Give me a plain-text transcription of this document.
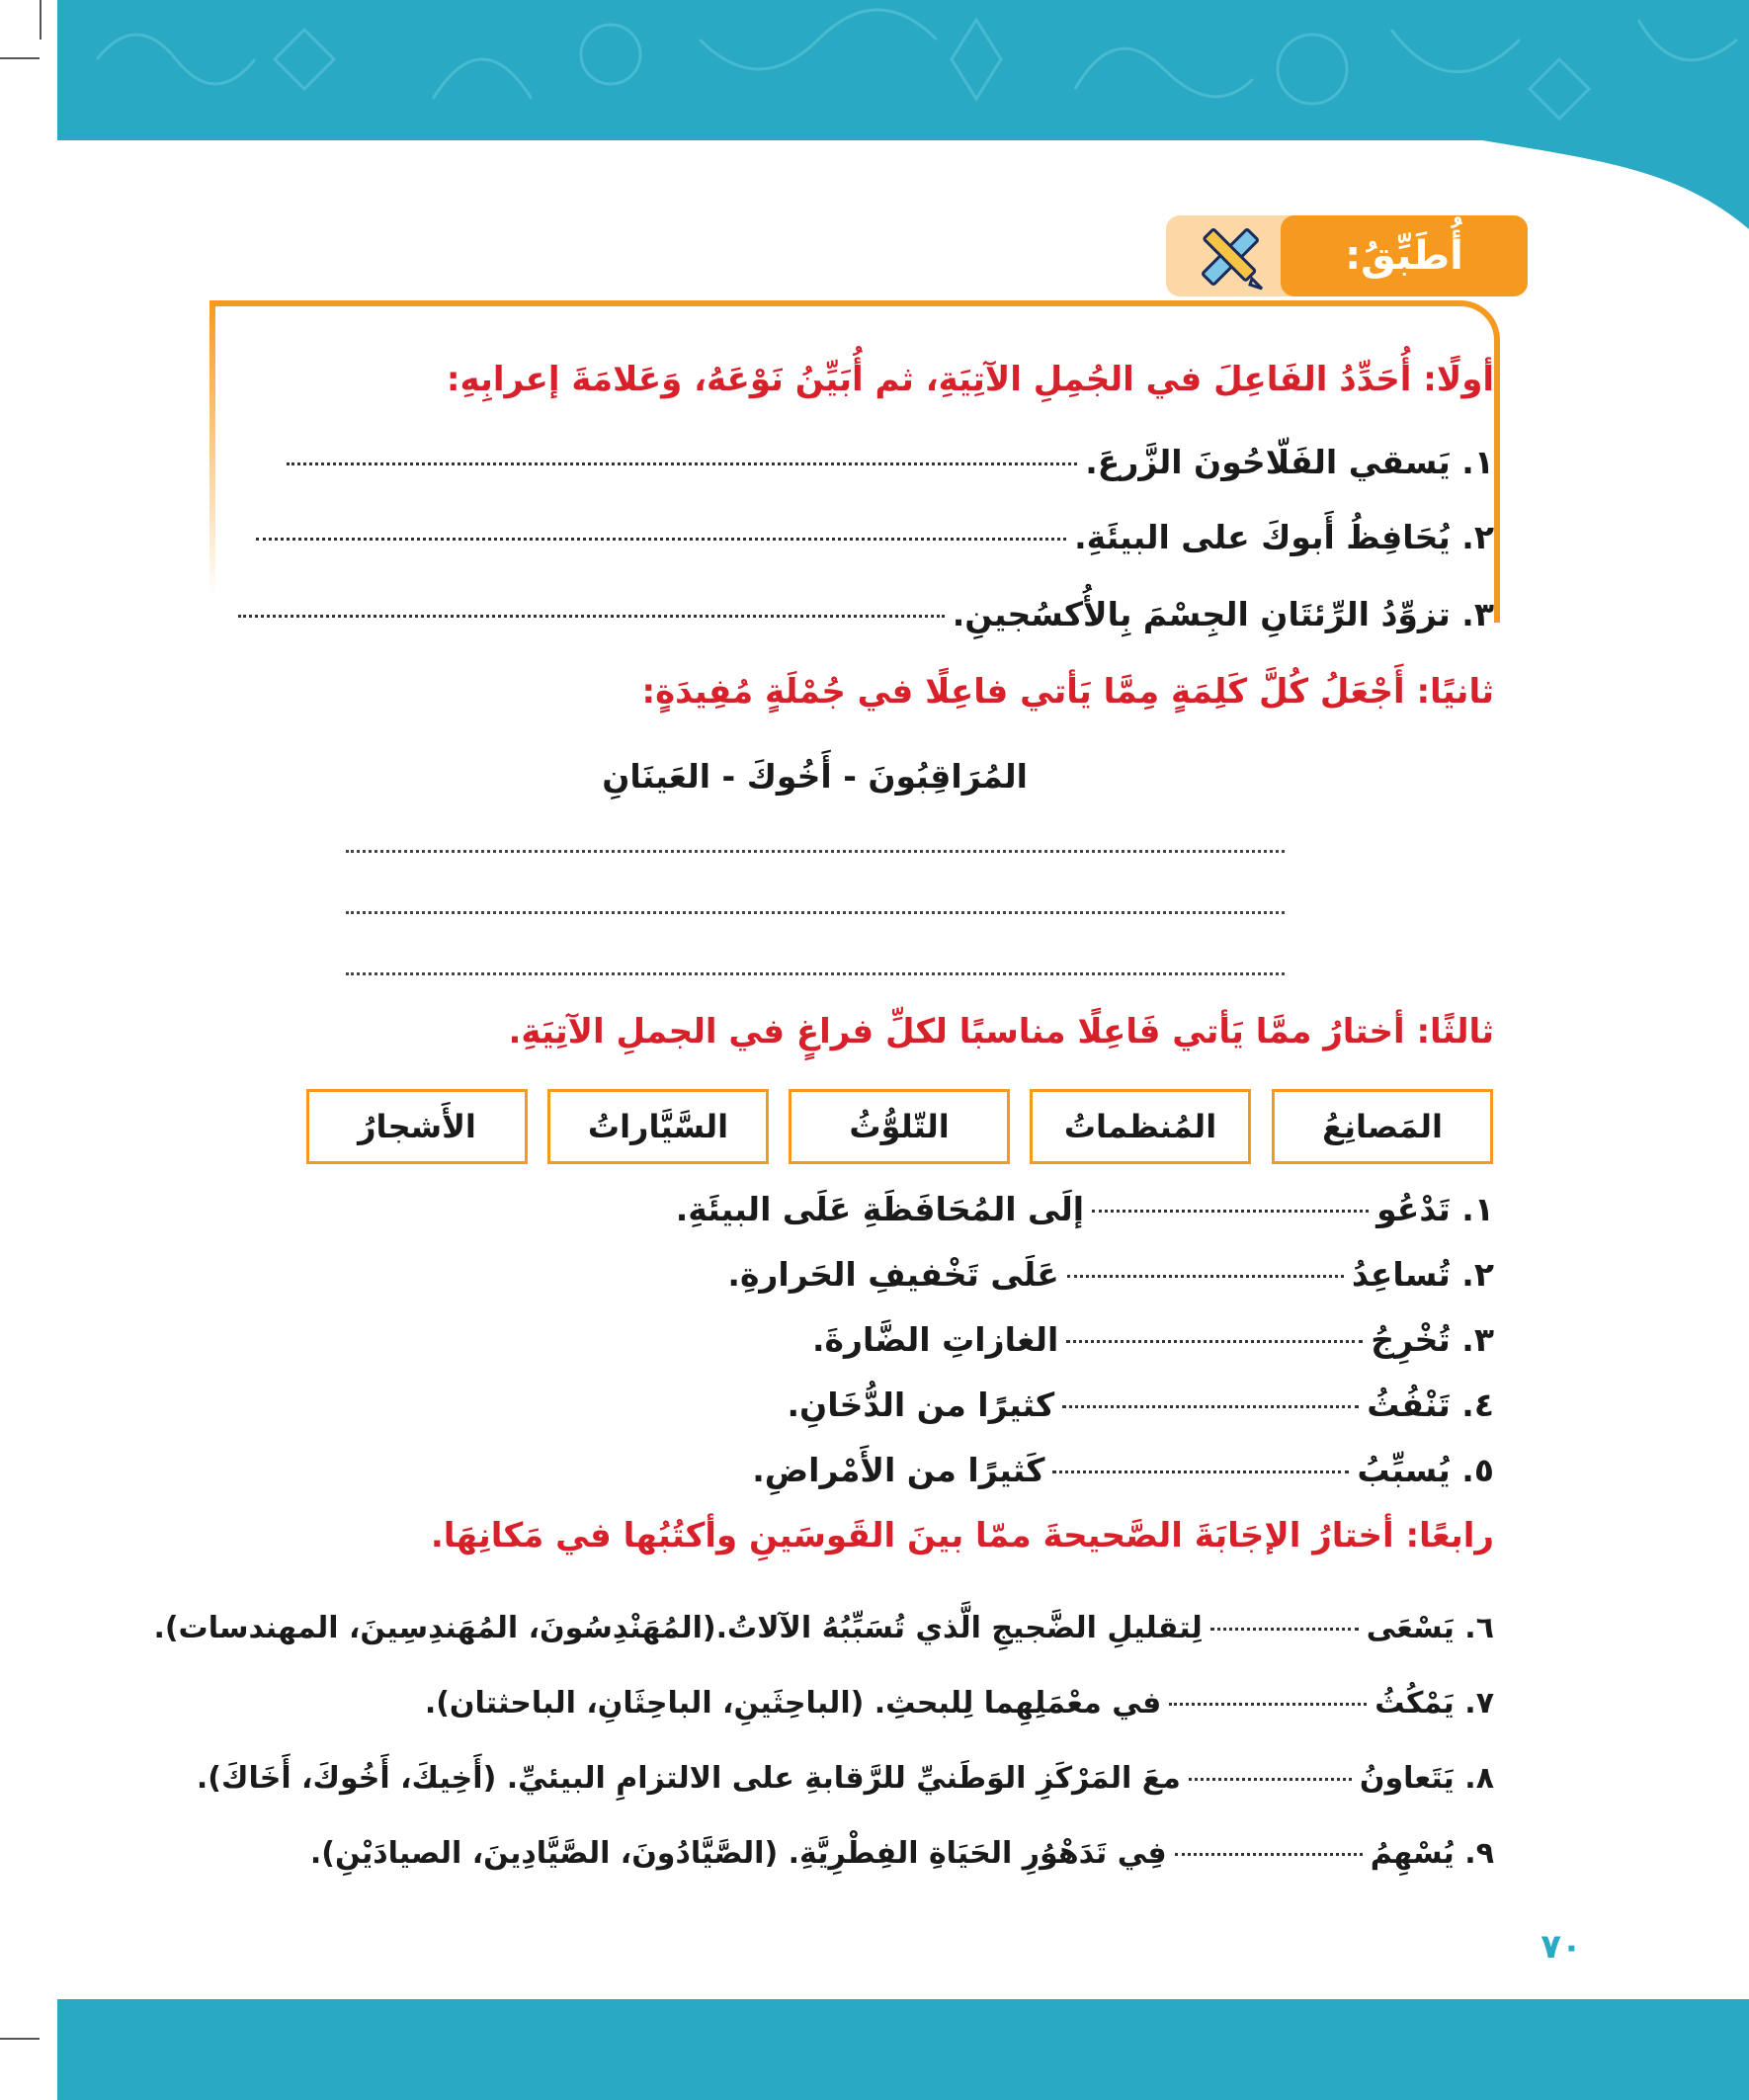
أُطَبِّقُ:
أولًا: أُحَدِّدُ الفَاعِلَ في الجُمِلِ الآتِيَةِ، ثم أُبَيِّنُ نَوْعَهُ، وَعَلامَةَ إعرابِهِ:
١. يَسقي الفَلّاحُونَ الزَّرعَ.
٢. يُحَافِظُ أَبوكَ على البيئَةِ.
٣. تزوِّدُ الرِّئتَانِ الجِسْمَ بِالأُكسُجينِ.
ثانيًا: أَجْعَلُ كُلَّ كَلِمَةٍ مِمَّا يَأتي فاعِلًا في جُمْلَةٍ مُفِيدَةٍ:
المُرَاقِبُونَ - أَخُوكَ - العَينَانِ
ثالثًا: أختارُ ممَّا يَأتي فَاعِلًا مناسبًا لكلِّ فراغٍ في الجملِ الآتِيَةِ.
المَصانِعُ
المُنظماتُ
التّلوُّثُ
السَّيَّاراتُ
الأَشجارُ
١. تَدْعُوإلَى المُحَافَظَةِ عَلَى البيئَةِ.
٢. تُساعِدُعَلَى تَخْفيفِ الحَرارةِ.
٣. تُخْرِجُالغازاتِ الضَّارةَ.
٤. تَنْفُثُكثيرًا من الدُّخَانِ.
٥. يُسبِّبُكَثيرًا من الأَمْراضِ.
رابعًا: أختارُ الإجَابَةَ الصَّحيحةَ ممّا بينَ القَوسَينِ وأكتُبُها في مَكانِهَا.
٦. يَسْعَىلِتقليلِ الضَّجيجِ الَّذي تُسَبِّبُهُ الآلاتُ.(المُهَنْدِسُونَ، المُهَندِسِينَ، المهندسات).
٧. يَمْكُثُفي معْمَلِهِما لِلبحثِ. (الباحِثَينِ، الباحِثَانِ، الباحثتان).
٨. يَتَعاونُمعَ المَرْكَزِ الوَطَنيِّ للرَّقابةِ على الالتزامِ البيئيِّ. (أَخِيكَ، أَخُوكَ، أَخَاكَ).
٩. يُسْهِمُفِي تَدَهْوُرِ الحَيَاةِ الفِطْرِيَّةِ. (الصَّيَّادُونَ، الصَّيَّادِينَ، الصيادَيْنِ).
٧٠
